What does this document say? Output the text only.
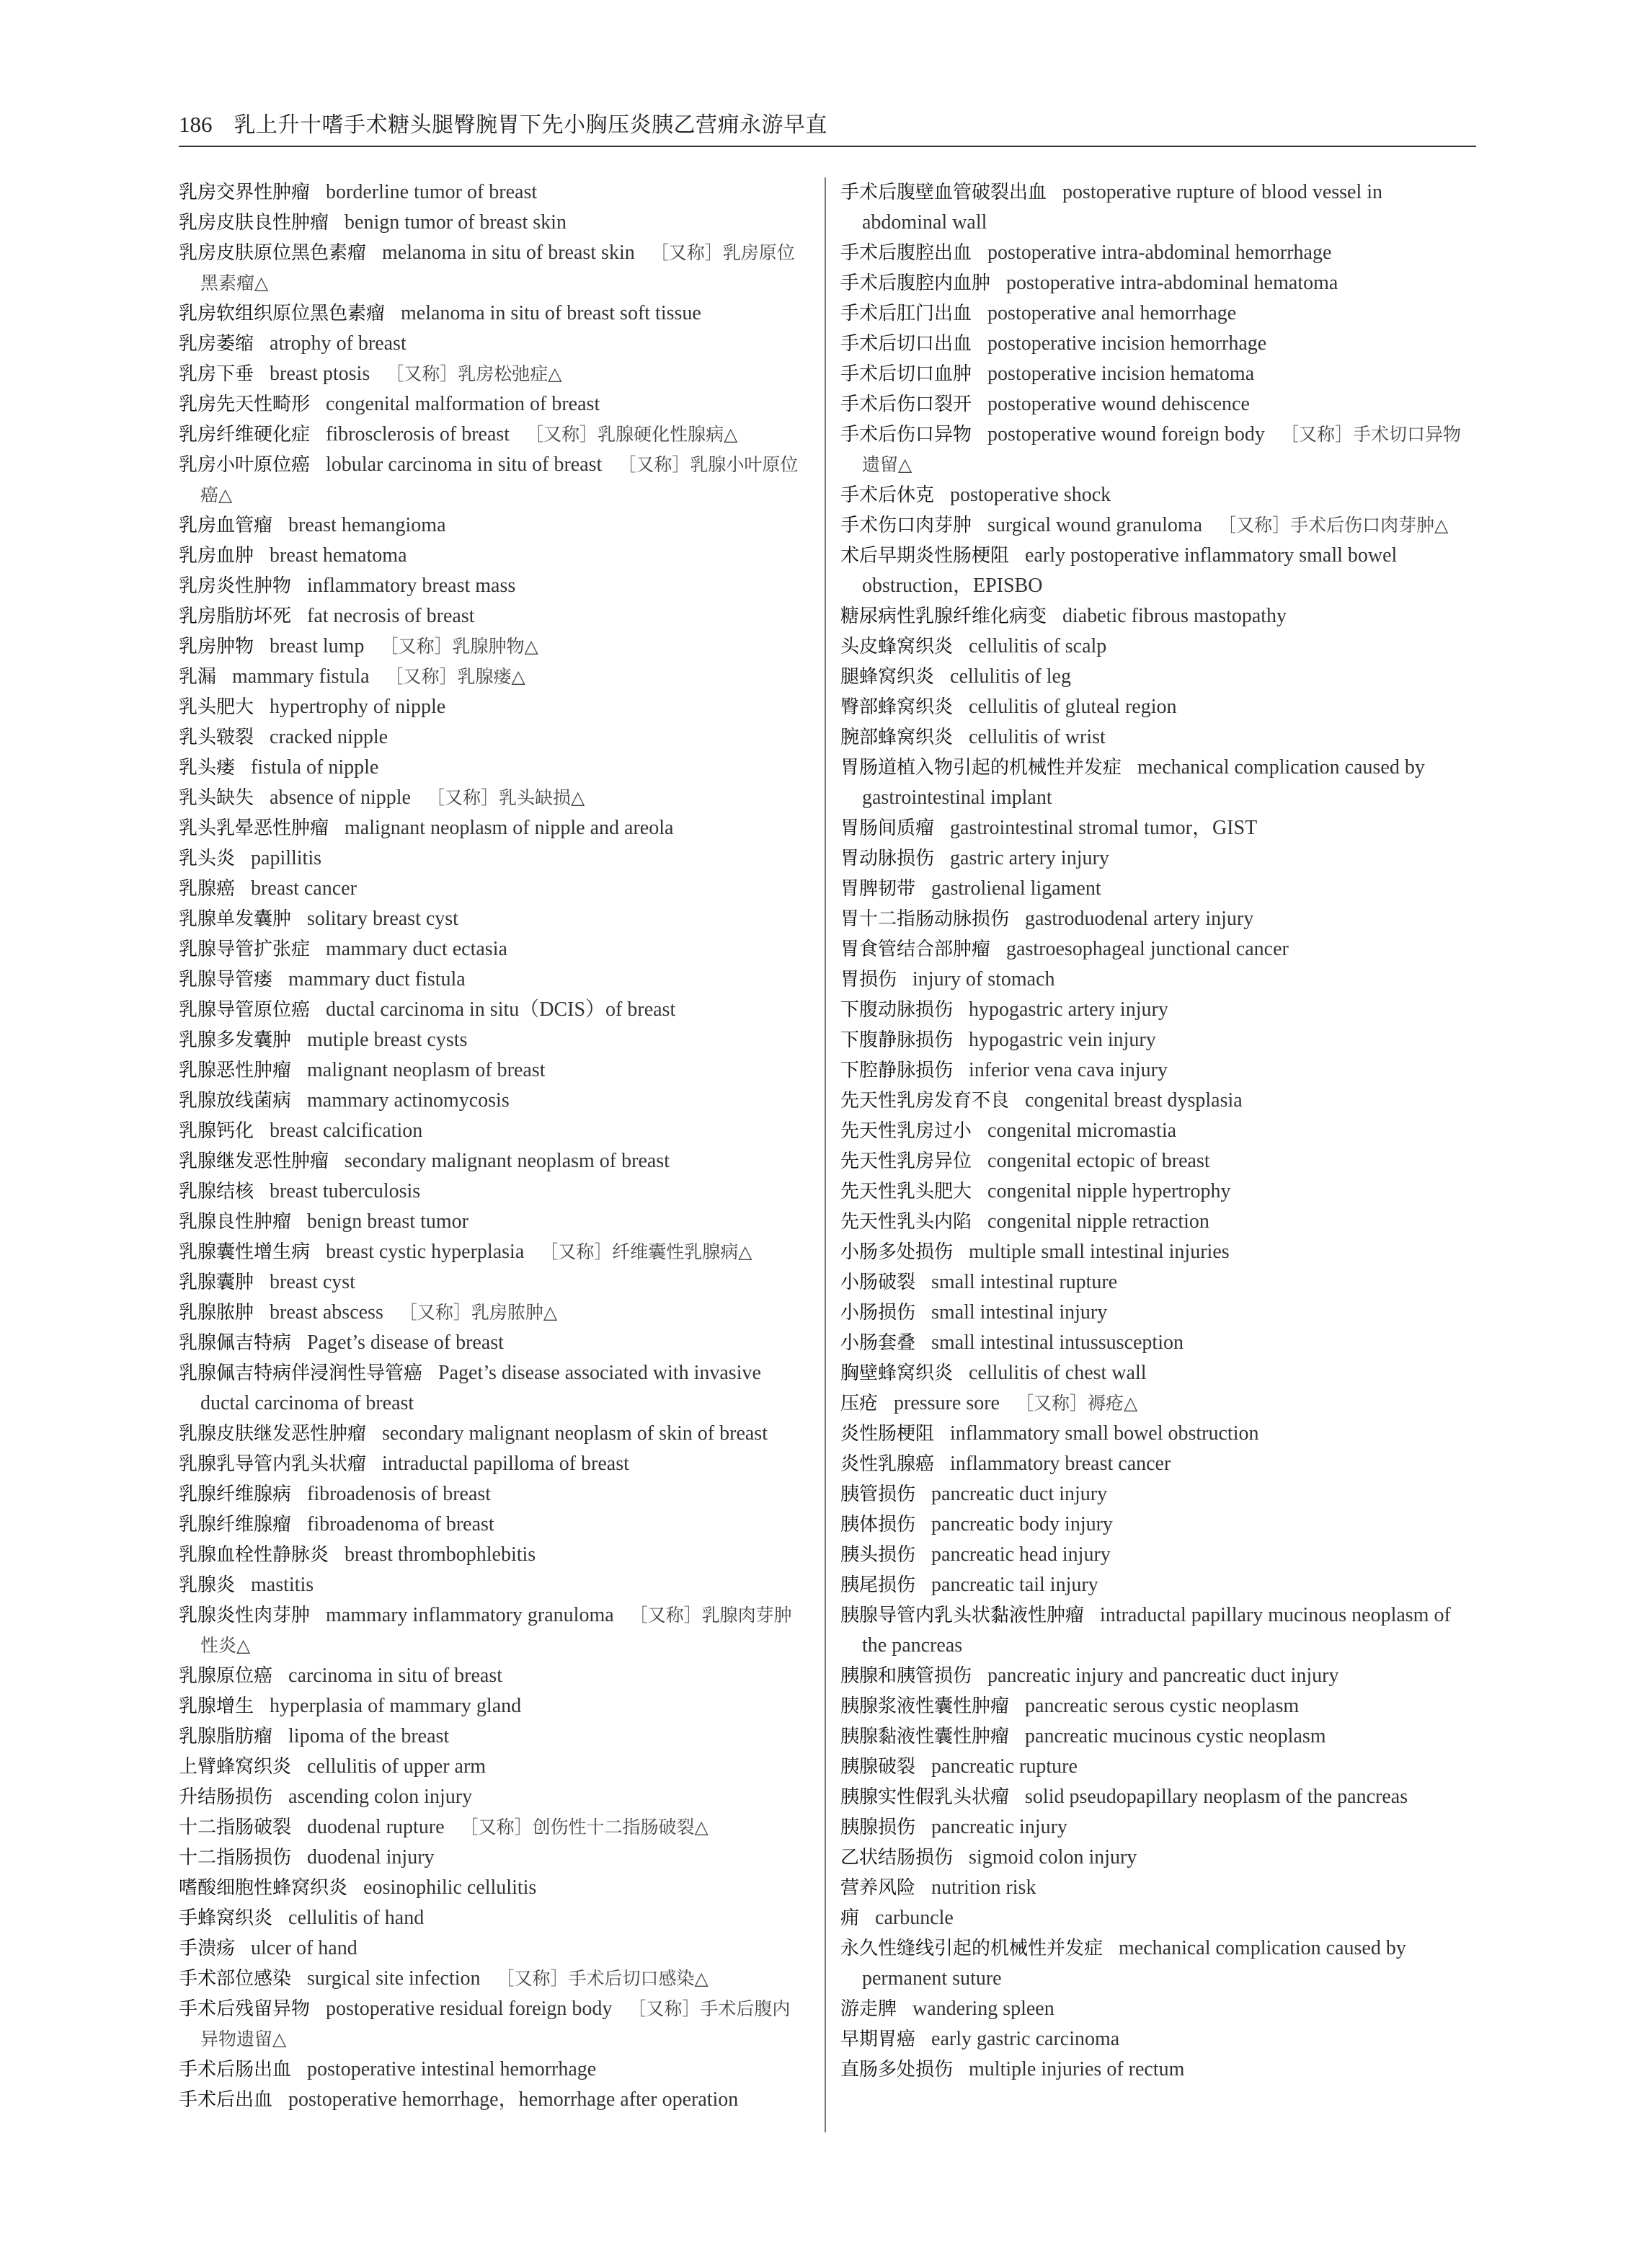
186 乳上升十嗜手术糖头腿臀腕胃下先小胸压炎胰乙营痈永游早直

乳房交界性肿瘤 borderline tumor of breast

乳房皮肤良性肿瘤 benign tumor of breast skin

乳房皮肤原位黑色素瘤 melanoma in situ of breast skin ［又称］乳房原位黑素瘤△

乳房软组织原位黑色素瘤 melanoma in situ of breast soft tissue

乳房萎缩 atrophy of breast

乳房下垂 breast ptosis ［又称］乳房松弛症△

乳房先天性畸形 congenital malformation of breast

乳房纤维硬化症 fibrosclerosis of breast ［又称］乳腺硬化性腺病△

乳房小叶原位癌 lobular carcinoma in situ of breast ［又称］乳腺小叶原位癌△

乳房血管瘤 breast hemangioma

乳房血肿 breast hematoma

乳房炎性肿物 inflammatory breast mass

乳房脂肪坏死 fat necrosis of breast

乳房肿物 breast lump ［又称］乳腺肿物△

乳漏 mammary fistula ［又称］乳腺瘘△

乳头肥大 hypertrophy of nipple

乳头皲裂 cracked nipple

乳头瘘 fistula of nipple

乳头缺失 absence of nipple ［又称］乳头缺损△

乳头乳晕恶性肿瘤 malignant neoplasm of nipple and areola

乳头炎 papillitis

乳腺癌 breast cancer

乳腺单发囊肿 solitary breast cyst

乳腺导管扩张症 mammary duct ectasia

乳腺导管瘘 mammary duct fistula

乳腺导管原位癌 ductal carcinoma in situ（DCIS）of breast

乳腺多发囊肿 mutiple breast cysts

乳腺恶性肿瘤 malignant neoplasm of breast

乳腺放线菌病 mammary actinomycosis

乳腺钙化 breast calcification

乳腺继发恶性肿瘤 secondary malignant neoplasm of breast

乳腺结核 breast tuberculosis

乳腺良性肿瘤 benign breast tumor

乳腺囊性增生病 breast cystic hyperplasia ［又称］纤维囊性乳腺病△

乳腺囊肿 breast cyst

乳腺脓肿 breast abscess ［又称］乳房脓肿△

乳腺佩吉特病 Paget’s disease of breast

乳腺佩吉特病伴浸润性导管癌 Paget’s disease associated with invasive ductal carcinoma of breast

乳腺皮肤继发恶性肿瘤 secondary malignant neoplasm of skin of breast

乳腺乳导管内乳头状瘤 intraductal papilloma of breast

乳腺纤维腺病 fibroadenosis of breast

乳腺纤维腺瘤 fibroadenoma of breast

乳腺血栓性静脉炎 breast thrombophlebitis

乳腺炎 mastitis

乳腺炎性肉芽肿 mammary inflammatory granuloma ［又称］乳腺肉芽肿性炎△

乳腺原位癌 carcinoma in situ of breast

乳腺增生 hyperplasia of mammary gland

乳腺脂肪瘤 lipoma of the breast

上臂蜂窝织炎 cellulitis of upper arm

升结肠损伤 ascending colon injury

十二指肠破裂 duodenal rupture ［又称］创伤性十二指肠破裂△

十二指肠损伤 duodenal injury

嗜酸细胞性蜂窝织炎 eosinophilic cellulitis

手蜂窝织炎 cellulitis of hand

手溃疡 ulcer of hand

手术部位感染 surgical site infection ［又称］手术后切口感染△

手术后残留异物 postoperative residual foreign body ［又称］手术后腹内异物遗留△

手术后肠出血 postoperative intestinal hemorrhage

手术后出血 postoperative hemorrhage，hemorrhage after operation

手术后腹壁血管破裂出血 postoperative rupture of blood vessel in abdominal wall

手术后腹腔出血 postoperative intra-abdominal hemorrhage

手术后腹腔内血肿 postoperative intra-abdominal hematoma

手术后肛门出血 postoperative anal hemorrhage

手术后切口出血 postoperative incision hemorrhage

手术后切口血肿 postoperative incision hematoma

手术后伤口裂开 postoperative wound dehiscence

手术后伤口异物 postoperative wound foreign body ［又称］手术切口异物遗留△

手术后休克 postoperative shock

手术伤口肉芽肿 surgical wound granuloma ［又称］手术后伤口肉芽肿△

术后早期炎性肠梗阻 early postoperative inflammatory small bowel obstruction，EPISBO

糖尿病性乳腺纤维化病变 diabetic fibrous mastopathy

头皮蜂窝织炎 cellulitis of scalp

腿蜂窝织炎 cellulitis of leg

臀部蜂窝织炎 cellulitis of gluteal region

腕部蜂窝织炎 cellulitis of wrist

胃肠道植入物引起的机械性并发症 mechanical complication caused by gastrointestinal implant

胃肠间质瘤 gastrointestinal stromal tumor，GIST

胃动脉损伤 gastric artery injury

胃脾韧带 gastrolienal ligament

胃十二指肠动脉损伤 gastroduodenal artery injury

胃食管结合部肿瘤 gastroesophageal junctional cancer

胃损伤 injury of stomach

下腹动脉损伤 hypogastric artery injury

下腹静脉损伤 hypogastric vein injury

下腔静脉损伤 inferior vena cava injury

先天性乳房发育不良 congenital breast dysplasia

先天性乳房过小 congenital micromastia

先天性乳房异位 congenital ectopic of breast

先天性乳头肥大 congenital nipple hypertrophy

先天性乳头内陷 congenital nipple retraction

小肠多处损伤 multiple small intestinal injuries

小肠破裂 small intestinal rupture

小肠损伤 small intestinal injury

小肠套叠 small intestinal intussusception

胸壁蜂窝织炎 cellulitis of chest wall

压疮 pressure sore ［又称］褥疮△

炎性肠梗阻 inflammatory small bowel obstruction

炎性乳腺癌 inflammatory breast cancer

胰管损伤 pancreatic duct injury

胰体损伤 pancreatic body injury

胰头损伤 pancreatic head injury

胰尾损伤 pancreatic tail injury

胰腺导管内乳头状黏液性肿瘤 intraductal papillary mucinous neoplasm of the pancreas

胰腺和胰管损伤 pancreatic injury and pancreatic duct injury

胰腺浆液性囊性肿瘤 pancreatic serous cystic neoplasm

胰腺黏液性囊性肿瘤 pancreatic mucinous cystic neoplasm

胰腺破裂 pancreatic rupture

胰腺实性假乳头状瘤 solid pseudopapillary neoplasm of the pancreas

胰腺损伤 pancreatic injury

乙状结肠损伤 sigmoid colon injury

营养风险 nutrition risk

痈 carbuncle

永久性缝线引起的机械性并发症 mechanical complication caused by permanent suture

游走脾 wandering spleen

早期胃癌 early gastric carcinoma

直肠多处损伤 multiple injuries of rectum
